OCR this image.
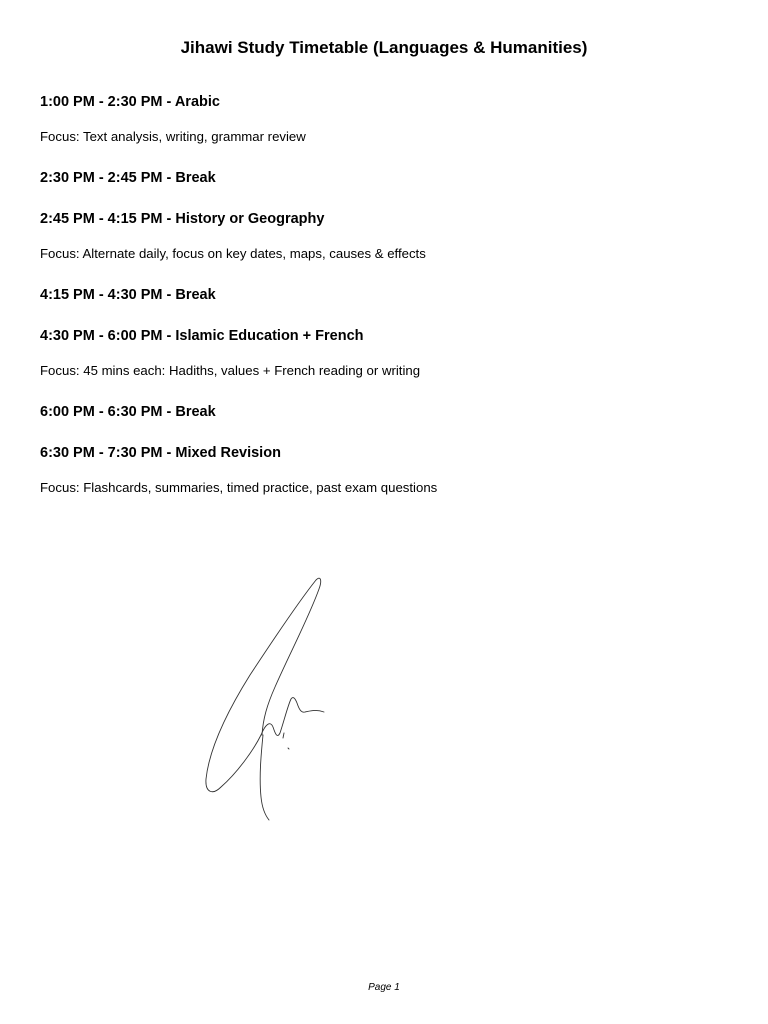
Jihawi Study Timetable (Languages & Humanities)
1:00 PM - 2:30 PM - Arabic
Focus: Text analysis, writing, grammar review
2:30 PM - 2:45 PM - Break
2:45 PM - 4:15 PM - History or Geography
Focus: Alternate daily, focus on key dates, maps, causes & effects
4:15 PM - 4:30 PM - Break
4:30 PM - 6:00 PM - Islamic Education + French
Focus: 45 mins each: Hadiths, values + French reading or writing
6:00 PM - 6:30 PM - Break
6:30 PM - 7:30 PM - Mixed Revision
Focus: Flashcards, summaries, timed practice, past exam questions
Page 1
